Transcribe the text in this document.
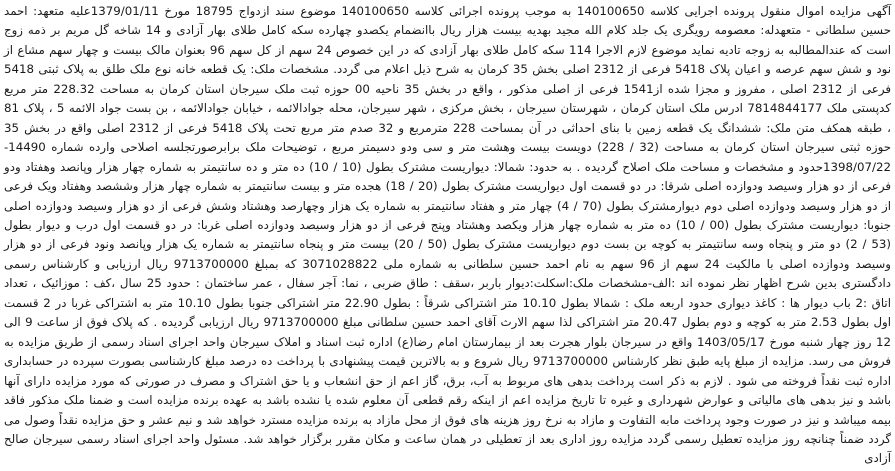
آگهی مزایده اموال منقول پرونده اجرایی کلاسه 140100650 به موجب پرونده اجرائی کلاسه 140100650 موضوع سند ازدواج 18795 مورخ 1379/01/11علیه متعهد: احمد حسین سلطانی - متعهدله: معصومه رویگری یک جلد کلام الله مجید بهدیه بیست هزار ریال باانضمام یکصدو چهارده سکه کامل طلای بهار آزادی و 14 شاخه گل مریم بر ذمه زوج است که عندالمطالبه به زوجه تادیه نماید موضوع لازم الاجرا 114 سکه کامل طلای بهار آزادی که در این خصوص 24 سهم از کل سهم 96 بعنوان مالک بیست و چهار سهم مشاع از نود و شش سهم عرصه و اعیان پلاک 5418 فرعی از 2312 اصلی بخش 35 کرمان به شرح ذیل اعلام می گردد. مشخصات ملک: یک قطعه خانه نوع ملک طلق به پلاک ثبتی 5418 فرعی از 2312 اصلی ، مفروز و مجزا شده از1541 فرعی از اصلی مذکور ، واقع در بخش 35 ناحیه 00 حوزه ثبت ملک سیرجان استان کرمان به مساحت 228.32 متر مربع کدپستی ملک 7814844177 ادرس ملک استان کرمان ، شهرستان سیرجان ، بخش مرکزی ، شهر سیرجان، محله جوادالائمه ، خیابان جوادالائمه ، بن بست جواد الائمه 5 ، پلاک 81 ، طبقه همکف متن ملک: ششدانگ یک قطعه زمین با بنای احداثی در آن بمساحت 228 مترمربع و 32 صدم متر مربع تحت پلاک 5418 فرعی از 2312 اصلی واقع در بخش 35 حوزه ثبتی سیرجان استان کرمان به مساحت (32 / 228) دویست بیست وهشت متر و سی ودو دسیمتر مربع ، توضیحات ملک برابرصورتجلسه اصلاحی وارده شماره 14490-1398/07/22حدود و مشخصات و مساحت ملک اصلاح گردیده . به حدود: شمالا: دیواریست مشترک بطول (10 / 10) ده متر و ده سانتیمتر به شماره چهار هزار وپانصد وهفتاد ودو فرعی از دو هزار وسیصد ودوازده اصلی شرقا: در دو قسمت اول دیواریست مشترک بطول (20 / 18) هجده متر و بیست سانتیمتر به شماره چهار هزار وششصد وهفتاد ویک فرعی از دو هزار وسیصد ودوازده اصلی دوم دیوارمشترک بطول (70 / 4) چهار متر و هفتاد سانتیمتر به شماره یک هزار وچهارصد وهشتاد وشش فرعی از دو هزار وسیصد ودوازده اصلی جنوبا: دیواریست مشترک بطول (00 / 10) ده متر به شماره چهار هزار ویکصد وهشتاد وپنج فرعی از دو هزار وسیصد ودوازده اصلی غربا: در دو قسمت اول درب و دیوار بطول (53 / 2) دو متر و پنجاه وسه سانتیمتر به کوچه بن بست دوم دیواریست مشترک بطول (50 / 20) بیست متر و پنجاه سانتیمتر به شماره یک هزار وپانصد ونود فرعی از دو هزار وسیصد ودوازده اصلی با مالکیت 24 سهم از 96 سهم به نام احمد حسین سلطانی به شماره ملی 3071028822 که بمبلغ 9713700000 ریال ارزیابی و کارشناس رسمی دادگستری بدین شرح اظهار نظر نموده اند :الف-مشخصات ملک:اسکلت:دیوار باربر ،سقف : طاق ضربی ، نما: آجر سفال ، عمر ساختمان : حدود 25 سال ،کف : موزائیک ، تعداد اتاق :2 باب دیوار ها : کاغذ دیواری حدود اربعه ملک : شمالا بطول 10.10 متر اشتراکی شرقاً : بطول 22.90 متر اشتراکی جنوبا بطول 10.10 متر به اشتراکی غربا در 2 قسمت اول بطول 2.53 متر به کوچه و دوم بطول 20.47 متر اشتراکی لذا سهم الارث آقای احمد حسین سلطانی مبلغ 9713700000 ریال ارزیابی گردیده . که پلاک فوق از ساعت 9 الی 12 روز چهار شنبه مورخ 1403/05/17 واقع در سیرجان بلوار هجرت بعد از بیمارستان امام رضا(ع) اداره ثبت اسناد و املاک سیرجان واحد اجرای اسناد رسمی از طریق مزایده به فروش می رسد. مزایده از مبلغ پایه طبق نظر کارشناس 9713700000 ریال شروع و به بالاترین قیمت پیشنهادی با پرداخت ده درصد مبلغ کارشناسی بصورت سپرده در حسابداری اداره ثبت نقداً فروخته می شود . لازم به ذکر است پرداخت بدهی های مربوط به آب، برق، گاز اعم از حق انشعاب و یا حق اشتراک و مصرف در صورتی که مورد مزایده دارای آنها باشد و نیز بدهی های مالیاتی و عوارض شهرداری و غیره تا تاریخ مزایده اعم از اینکه رقم قطعی آن معلوم شده یا نشده باشد به عهده برنده مزایده است و ضمنا ملک مذکور فاقد بیمه میباشد و نیز در صورت وجود پرداخت مابه التفاوت و مازاد به نرخ روز هزینه های فوق از محل مازاد به برنده مزایده مسترد خواهد شد و نیم عشر و حق مزایده نقداً وصول می گردد ضمناً چنانچه روز مزایده تعطیل رسمی گردد مزایده روز اداری بعد از تعطیلی در همان ساعت و مکان مقرر برگزار خواهد شد. مسئول واحد اجرای اسناد رسمی سیرجان صالح آزادی
